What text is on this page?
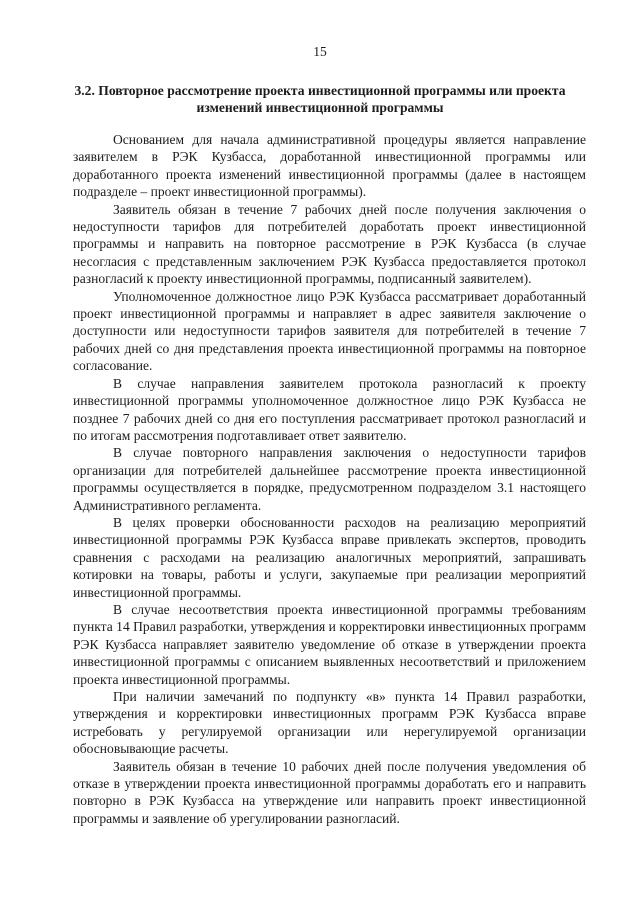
15
3.2. Повторное рассмотрение проекта инвестиционной программы или проекта изменений инвестиционной программы

Основанием для начала административной процедуры является направление заявителем в РЭК Кузбасса, доработанной инвестиционной программы или доработанного проекта изменений инвестиционной программы (далее в настоящем подразделе – проект инвестиционной программы).

Заявитель обязан в течение 7 рабочих дней после получения заключения о недоступности тарифов для потребителей доработать проект инвестиционной программы и направить на повторное рассмотрение в РЭК Кузбасса (в случае несогласия с представленным заключением РЭК Кузбасса предоставляется протокол разногласий к проекту инвестиционной программы, подписанный заявителем).

Уполномоченное должностное лицо РЭК Кузбасса рассматривает доработанный проект инвестиционной программы и направляет в адрес заявителя заключение о доступности или недоступности тарифов заявителя для потребителей в течение 7 рабочих дней со дня представления проекта инвестиционной программы на повторное согласование.

В случае направления заявителем протокола разногласий к проекту инвестиционной программы уполномоченное должностное лицо РЭК Кузбасса не позднее 7 рабочих дней со дня его поступления рассматривает протокол разногласий и по итогам рассмотрения подготавливает ответ заявителю.

В случае повторного направления заключения о недоступности тарифов организации для потребителей дальнейшее рассмотрение проекта инвестиционной программы осуществляется в порядке, предусмотренном подразделом 3.1 настоящего Административного регламента.

В целях проверки обоснованности расходов на реализацию мероприятий инвестиционной программы РЭК Кузбасса вправе привлекать экспертов, проводить сравнения с расходами на реализацию аналогичных мероприятий, запрашивать котировки на товары, работы и услуги, закупаемые при реализации мероприятий инвестиционной программы.

В случае несоответствия проекта инвестиционной программы требованиям пункта 14 Правил разработки, утверждения и корректировки инвестиционных программ РЭК Кузбасса направляет заявителю уведомление об отказе в утверждении проекта инвестиционной программы с описанием выявленных несоответствий и приложением проекта инвестиционной программы.

При наличии замечаний по подпункту «в» пункта 14 Правил разработки, утверждения и корректировки инвестиционных программ РЭК Кузбасса вправе истребовать у регулируемой организации или нерегулируемой организации обосновывающие расчеты.

Заявитель обязан в течение 10 рабочих дней после получения уведомления об отказе в утверждении проекта инвестиционной программы доработать его и направить повторно в РЭК Кузбасса на утверждение или направить проект инвестиционной программы и заявление об урегулировании разногласий.
